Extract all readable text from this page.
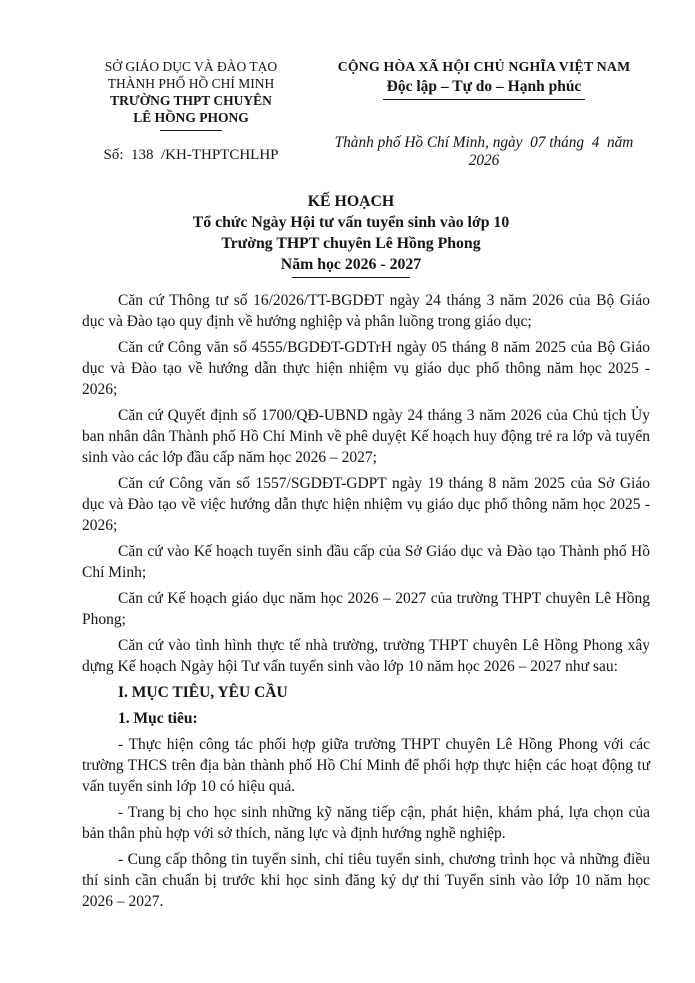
SỞ GIÁO DỤC VÀ ĐÀO TẠO
THÀNH PHỐ HỒ CHÍ MINH
TRƯỜNG THPT CHUYÊN
LÊ HỒNG PHONG
Số:  138  /KH-THPTCHLHP
CỘNG HÒA XÃ HỘI CHỦ NGHĨA VIỆT NAM
Độc lập – Tự do – Hạnh phúc
Thành phố Hồ Chí Minh, ngày  07 tháng  4  năm 2026
KẾ HOẠCH
Tổ chức Ngày Hội tư vấn tuyển sinh vào lớp 10
Trường THPT chuyên Lê Hồng Phong
Năm học 2026 - 2027

Căn cứ Thông tư số 16/2026/TT-BGDĐT ngày 24 tháng 3 năm 2026 của Bộ Giáo dục và Đào tạo quy định về hướng nghiệp và phân luồng trong giáo dục;

Căn cứ Công văn số 4555/BGDĐT-GDTrH ngày 05 tháng 8 năm 2025 của Bộ Giáo dục và Đào tạo về hướng dẫn thực hiện nhiệm vụ giáo dục phổ thông năm học 2025 - 2026;

Căn cứ Quyết định số 1700/QĐ-UBND ngày 24 tháng 3 năm 2026 của Chủ tịch Ủy ban nhân dân Thành phố Hồ Chí Minh về phê duyệt Kế hoạch huy động trẻ ra lớp và tuyển sinh vào các lớp đầu cấp năm học 2026 – 2027;

Căn cứ Công văn số 1557/SGDĐT-GDPT ngày 19 tháng 8 năm 2025 của Sở Giáo dục và Đào tạo về việc hướng dẫn thực hiện nhiệm vụ giáo dục phổ thông năm học 2025 - 2026;

Căn cứ vào Kế hoạch tuyển sinh đầu cấp của Sở Giáo dục và Đào tạo Thành phố Hồ Chí Minh;

Căn cứ Kế hoạch giáo dục năm học 2026 – 2027 của trường THPT chuyên Lê Hồng Phong;

Căn cứ vào tình hình thực tế nhà trường, trường THPT chuyên Lê Hồng Phong xây dựng Kế hoạch Ngày hội Tư vấn tuyển sinh vào lớp 10 năm học 2026 – 2027 như sau:

I. MỤC TIÊU, YÊU CẦU

1. Mục tiêu:

- Thực hiện công tác phối hợp giữa trường THPT chuyên Lê Hồng Phong với các trường THCS trên địa bàn thành phố Hồ Chí Minh để phối hợp thực hiện các hoạt động tư vấn tuyển sinh lớp 10 có hiệu quả.

- Trang bị cho học sinh những kỹ năng tiếp cận, phát hiện, khám phá, lựa chọn của bản thân phù hợp với sở thích, năng lực và định hướng nghề nghiệp.

- Cung cấp thông tin tuyển sinh, chỉ tiêu tuyển sinh, chương trình học và những điều thí sinh cần chuẩn bị trước khi học sinh đăng ký dự thi Tuyển sinh vào lớp 10 năm học 2026 – 2027.
